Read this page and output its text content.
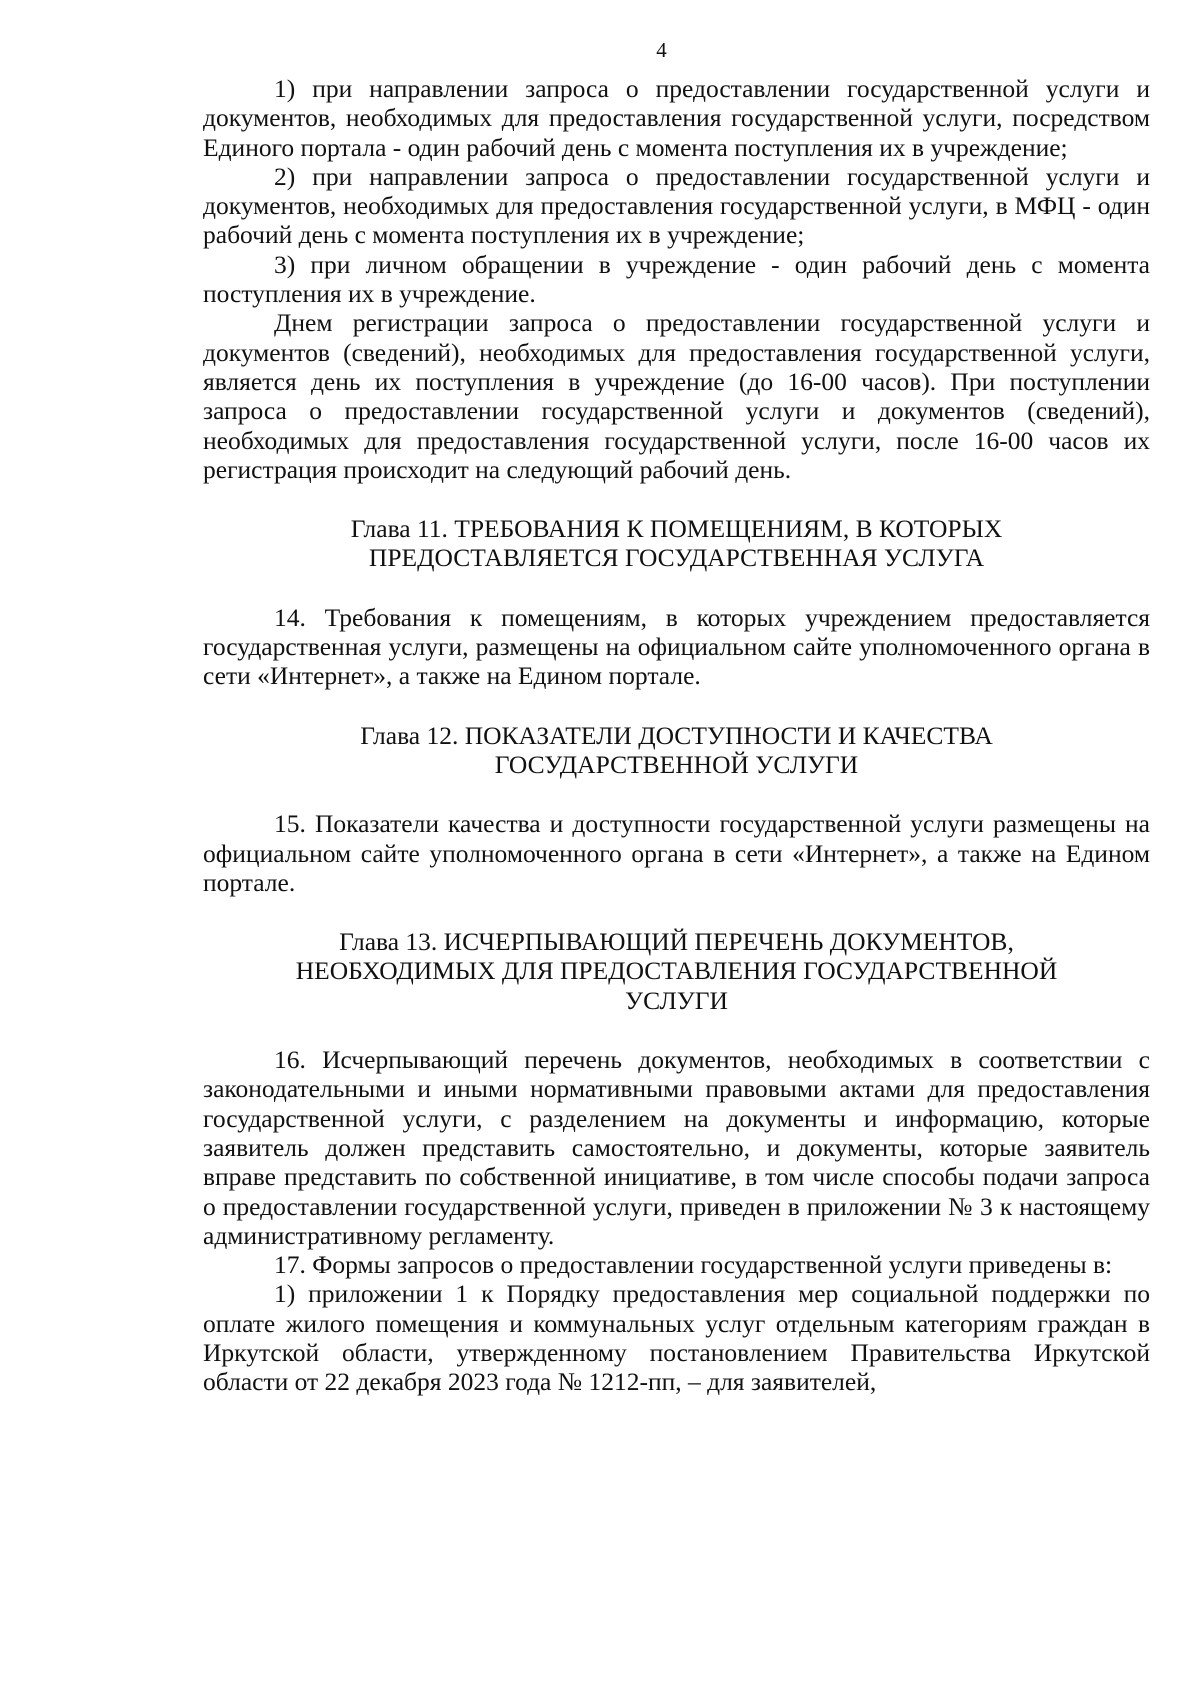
4

1) при направлении запроса о предоставлении государственной услуги и документов, необходимых для предоставления государственной услуги, посредством Единого портала - один рабочий день с момента поступления их в учреждение;

2) при направлении запроса о предоставлении государственной услуги и документов, необходимых для предоставления государственной услуги, в МФЦ - один рабочий день с момента поступления их в учреждение;

3) при личном обращении в учреждение - один рабочий день с момента поступления их в учреждение.

Днем регистрации запроса о предоставлении государственной услуги и документов (сведений), необходимых для предоставления государственной услуги, является день их поступления в учреждение (до 16-00 часов). При поступлении запроса о предоставлении государственной услуги и документов (сведений), необходимых для предоставления государственной услуги, после 16-00 часов их регистрация происходит на следующий рабочий день.

Глава 11. ТРЕБОВАНИЯ К ПОМЕЩЕНИЯМ, В КОТОРЫХ
ПРЕДОСТАВЛЯЕТСЯ ГОСУДАРСТВЕННАЯ УСЛУГА

14. Требования к помещениям, в которых учреждением предоставляется государственная услуги, размещены на официальном сайте уполномоченного органа в сети «Интернет», а также на Едином портале.

Глава 12. ПОКАЗАТЕЛИ ДОСТУПНОСТИ И КАЧЕСТВА
ГОСУДАРСТВЕННОЙ УСЛУГИ

15. Показатели качества и доступности государственной услуги размещены на официальном сайте уполномоченного органа в сети «Интернет», а также на Едином портале.

Глава 13. ИСЧЕРПЫВАЮЩИЙ ПЕРЕЧЕНЬ ДОКУМЕНТОВ,
НЕОБХОДИМЫХ ДЛЯ ПРЕДОСТАВЛЕНИЯ ГОСУДАРСТВЕННОЙ
УСЛУГИ

16. Исчерпывающий перечень документов, необходимых в соответствии с законодательными и иными нормативными правовыми актами для предоставления государственной услуги, с разделением на документы и информацию, которые заявитель должен представить самостоятельно, и документы, которые заявитель вправе представить по собственной инициативе, в том числе способы подачи запроса о предоставлении государственной услуги, приведен в приложении № 3 к настоящему административному регламенту.

17. Формы запросов о предоставлении государственной услуги приведены в:

1) приложении 1 к Порядку предоставления мер социальной поддержки по оплате жилого помещения и коммунальных услуг отдельным категориям граждан в Иркутской области, утвержденному постановлением Правительства Иркутской области от 22 декабря 2023 года № 1212-пп, – для заявителей,
